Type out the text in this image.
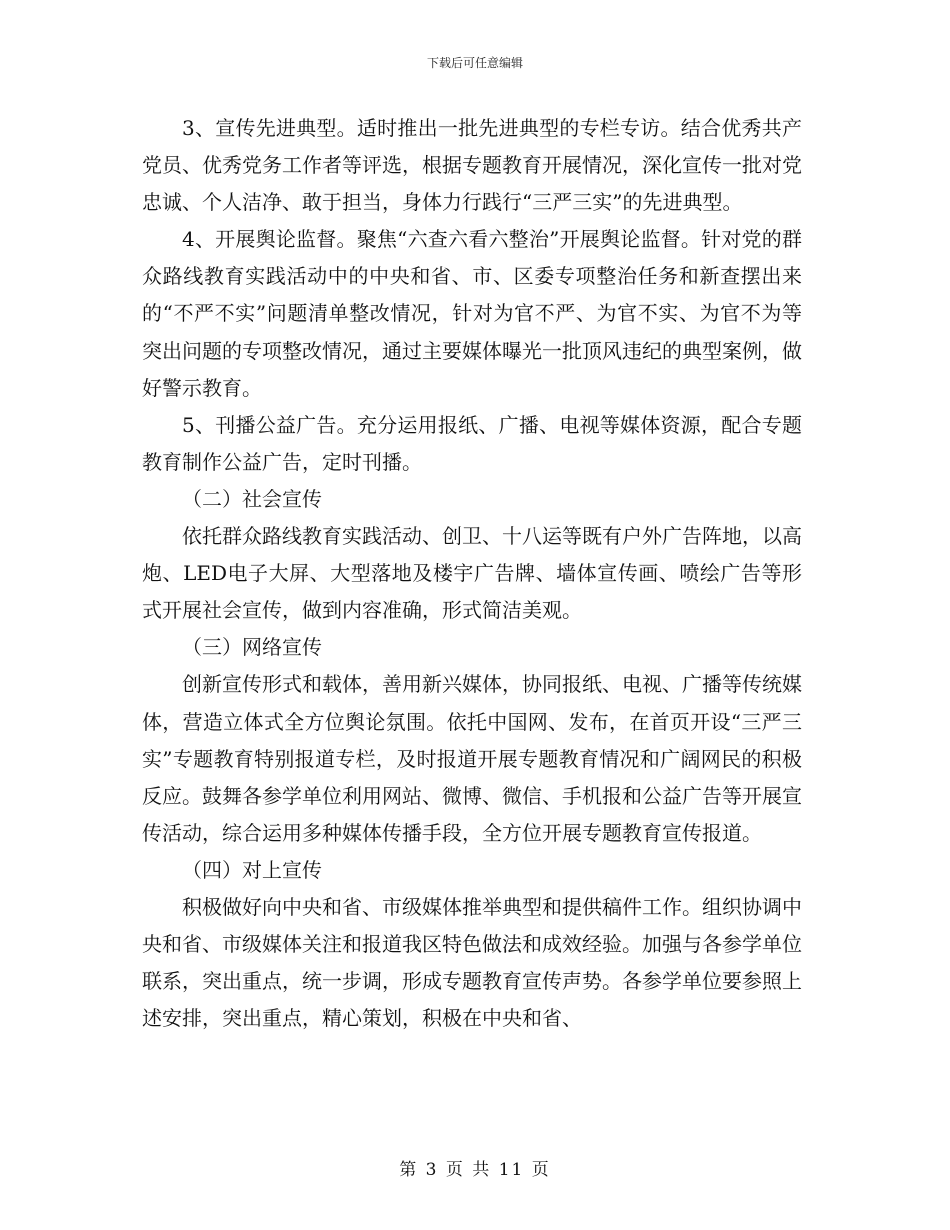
下载后可任意编辑

3、宣传先进典型。适时推出一批先进典型的专栏专访。结合优秀共产党员、优秀党务工作者等评选，根据专题教育开展情况，深化宣传一批对党忠诚、个人洁净、敢于担当，身体力行践行“三严三实”的先进典型。

4、开展舆论监督。聚焦“六查六看六整治”开展舆论监督。针对党的群众路线教育实践活动中的中央和省、市、区委专项整治任务和新查摆出来的“不严不实”问题清单整改情况，针对为官不严、为官不实、为官不为等突出问题的专项整改情况，通过主要媒体曝光一批顶风违纪的典型案例，做好警示教育。

5、刊播公益广告。充分运用报纸、广播、电视等媒体资源，配合专题教育制作公益广告，定时刊播。

（二）社会宣传

依托群众路线教育实践活动、创卫、十八运等既有户外广告阵地，以高炮、LED电子大屏、大型落地及楼宇广告牌、墙体宣传画、喷绘广告等形式开展社会宣传，做到内容准确，形式简洁美观。

（三）网络宣传

创新宣传形式和载体，善用新兴媒体，协同报纸、电视、广播等传统媒体，营造立体式全方位舆论氛围。依托中国网、发布，在首页开设“三严三实”专题教育特别报道专栏，及时报道开展专题教育情况和广阔网民的积极反应。鼓舞各参学单位利用网站、微博、微信、手机报和公益广告等开展宣传活动，综合运用多种媒体传播手段，全方位开展专题教育宣传报道。

（四）对上宣传

积极做好向中央和省、市级媒体推举典型和提供稿件工作。组织协调中央和省、市级媒体关注和报道我区特色做法和成效经验。加强与各参学单位联系，突出重点，统一步调，形成专题教育宣传声势。各参学单位要参照上述安排，突出重点，精心策划，积极在中央和省、

第 3 页 共 11 页
